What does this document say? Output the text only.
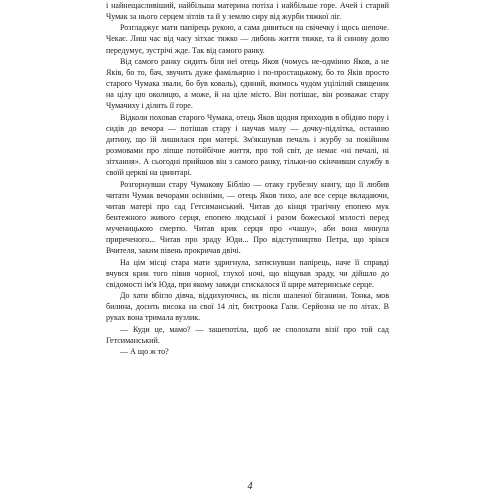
і найнещасливіший, найбільша материна потіха і найбільше горе. Ачей і старий Чумак за нього серцем зітлів та й у землю сиру від журби тяжкої ліг.

Розгладжує мати папірець рукою, а сама дивиться на свічечку і щось шепоче. Чекає. Лиш час від часу зітхає тяжко — либонь життя тяжке, та й синову долю передумує, зустрічі жде. Так від самого ранку.

Від самого ранку сидить біля неї отець Яков (чомусь не-одмінно Яков, а не Яків, бо то, бач, звучить дуже фамільярно і по-простацькому, бо то Яків просто старого Чумака звали, бо був коваль), єдиний, якимось чудом уцілілий священик на цілу цю околицю, а може, й на ціле місто. Він потішає, він розважає стару Чумачиху і ділить її горе.

Відколи поховав старого Чумака, отець Яков щодня приходив в обідню пору і сидів до вечора — потішав стару і научав малу — дочку-підлітка, останню дитину, що їй лишилася при матері. Зм'якшував печаль і журбу за покійним розмовами про лiпше потойбічне життя, про той світ, де немає «ні печалі, ні зітхання». А сьогодні прийшов він з самого ранку, тільки-но скінчивши службу в своїй церкві на цвинтарі.

Розгорнувши стару Чумакову Біблію — отаку грубезну книгу, що її любив читати Чумак вечорами осінніми, — отець Яков тихо, але все серце вкладаючи, читав матері про сад Гетсиманський. Читав до кінця трагічну епопею мук бентежного живого серця, епопею людської і разом божеської мзлості перед мученицькою смертю. Читав крик серця про «чашу», аби вона минула приреченого... Читав про зраду Юди... Про відступництво Петра, що зрікся Вчителя, заким півень прокричав двічі.

На цім місці стара мати здригнула, затиснувши папірець, наче її справді вчувся крик того півня чорної, глухої ночі, що віщував зраду, чи дійшло до свідомості ім'я Юда, при якому завжди стискалося її щире материнське серце.

До хати вбігло дівча, віддихуючись, як після шаленої біганини. Тонка, мов билина, досить висока на свої 14 літ, бистроока Галя. Серйозна не по літах. В руках вона тримала вузлик.

— Куди це, мамо? — зашепотіла, щоб не сполохати візії про той сад Гетсиманський.

— А що ж то?

4
